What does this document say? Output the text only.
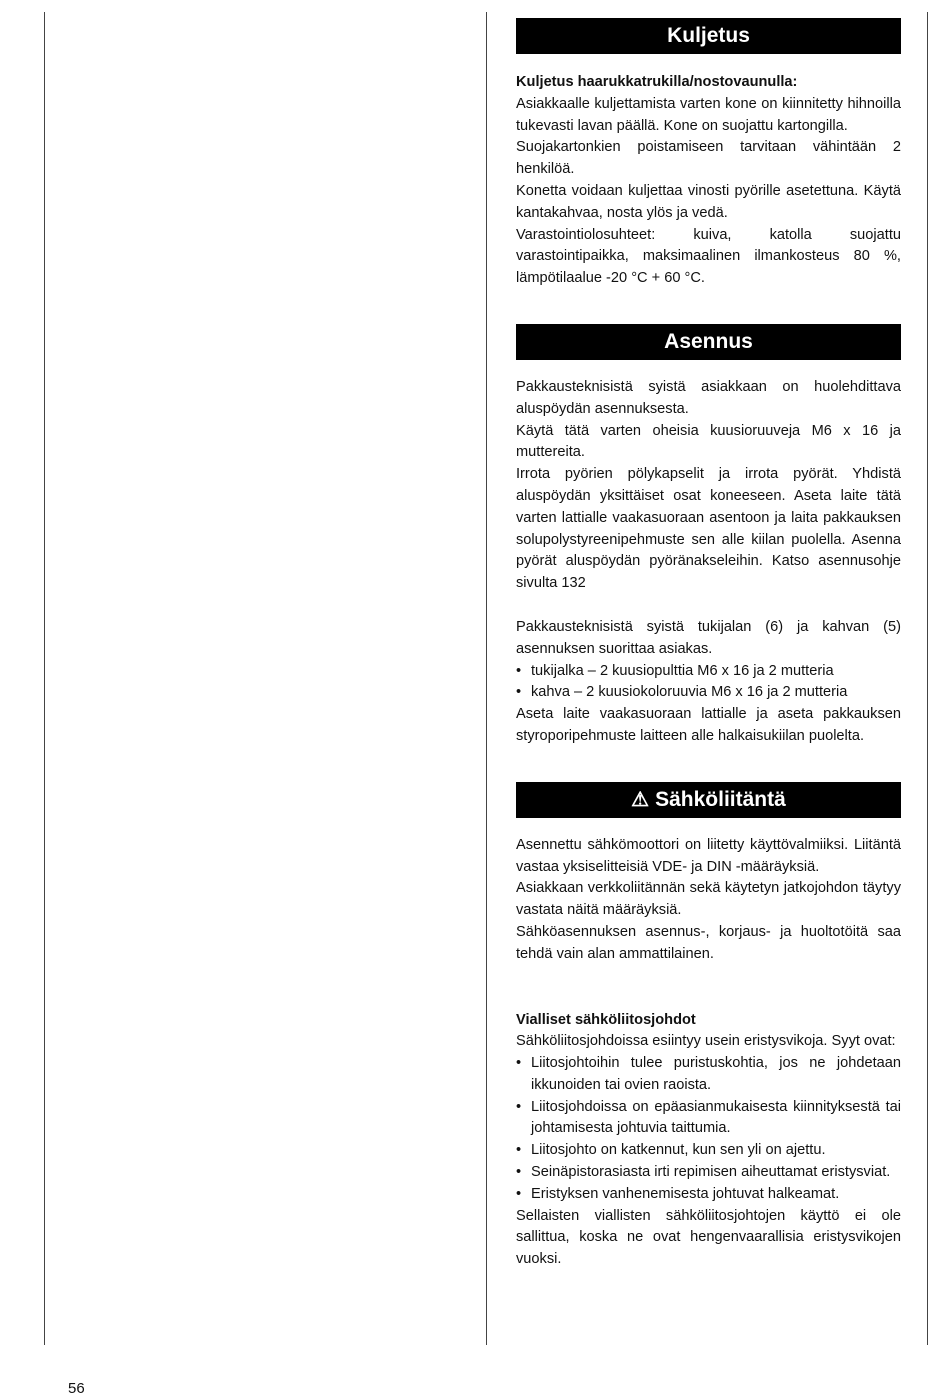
Kuljetus

Kuljetus haarukkatrukilla/nostovaunulla:

Asiakkaalle kuljettamista varten kone on kiinnitetty hihnoilla tukevasti lavan päällä. Kone on suojattu kartongilla.

Suojakartonkien poistamiseen tarvitaan vähintään 2 henkilöä.

Konetta voidaan kuljettaa vinosti pyörille asetettuna. Käytä kantakahvaa, nosta ylös ja vedä.

Varastointiolosuhteet: kuiva, katolla suojattu varastointipaikka, maksimaalinen ilmankosteus 80 %, lämpötilaalue -20 °C + 60 °C.

Asennus

Pakkausteknisistä syistä asiakkaan on huolehdittava aluspöydän asennuksesta.

Käytä tätä varten oheisia kuusioruuveja M6 x 16 ja muttereita.

Irrota pyörien pölykapselit ja irrota pyörät. Yhdistä aluspöydän yksittäiset osat koneeseen. Aseta laite tätä varten lattialle vaakasuoraan asentoon ja laita pakkauksen solupolystyreenipehmuste sen alle kiilan puolella. Asenna pyörät aluspöydän pyöränakseleihin. Katso asennusohje sivulta 132

Pakkausteknisistä syistä tukijalan (6) ja kahvan (5) asennuksen suorittaa asiakas.

• tukijalka – 2 kuusiopulttia M6 x 16 ja 2 mutteria
• kahva – 2 kuusiokoloruuvia M6 x 16 ja 2 mutteria

Aseta laite vaakasuoraan lattialle ja aseta pakkauksen styroporipehmuste laitteen alle halkaisukiilan puolelta.

⚠ Sähköliitäntä

Asennettu sähkömoottori on liitetty käyttövalmiiksi. Liitäntä vastaa yksiselitteisiä VDE- ja DIN -määräyksiä.

Asiakkaan verkkoliitännän sekä käytetyn jatkojohdon täytyy vastata näitä määräyksiä.

Sähköasennuksen asennus-, korjaus- ja huoltotöitä saa tehdä vain alan ammattilainen.

Vialliset sähköliitosjohdot

Sähköliitosjohdoissa esiintyy usein eristysvikoja. Syyt ovat:

• Liitosjohtoihin tulee puristuskohtia, jos ne johdetaan ikkunoiden tai ovien raoista.
• Liitosjohdoissa on epäasianmukaisesta kiinnityksestä tai johtamisesta johtuvia taittumia.
• Liitosjohto on katkennut, kun sen yli on ajettu.
• Seinäpistorasiasta irti repimisen aiheuttamat eristysviat.
• Eristyksen vanhenemisesta johtuvat halkeamat.

Sellaisten viallisten sähköliitosjohtojen käyttö ei ole sallittua, koska ne ovat hengenvaarallisia eristysvikojen vuoksi.

56
